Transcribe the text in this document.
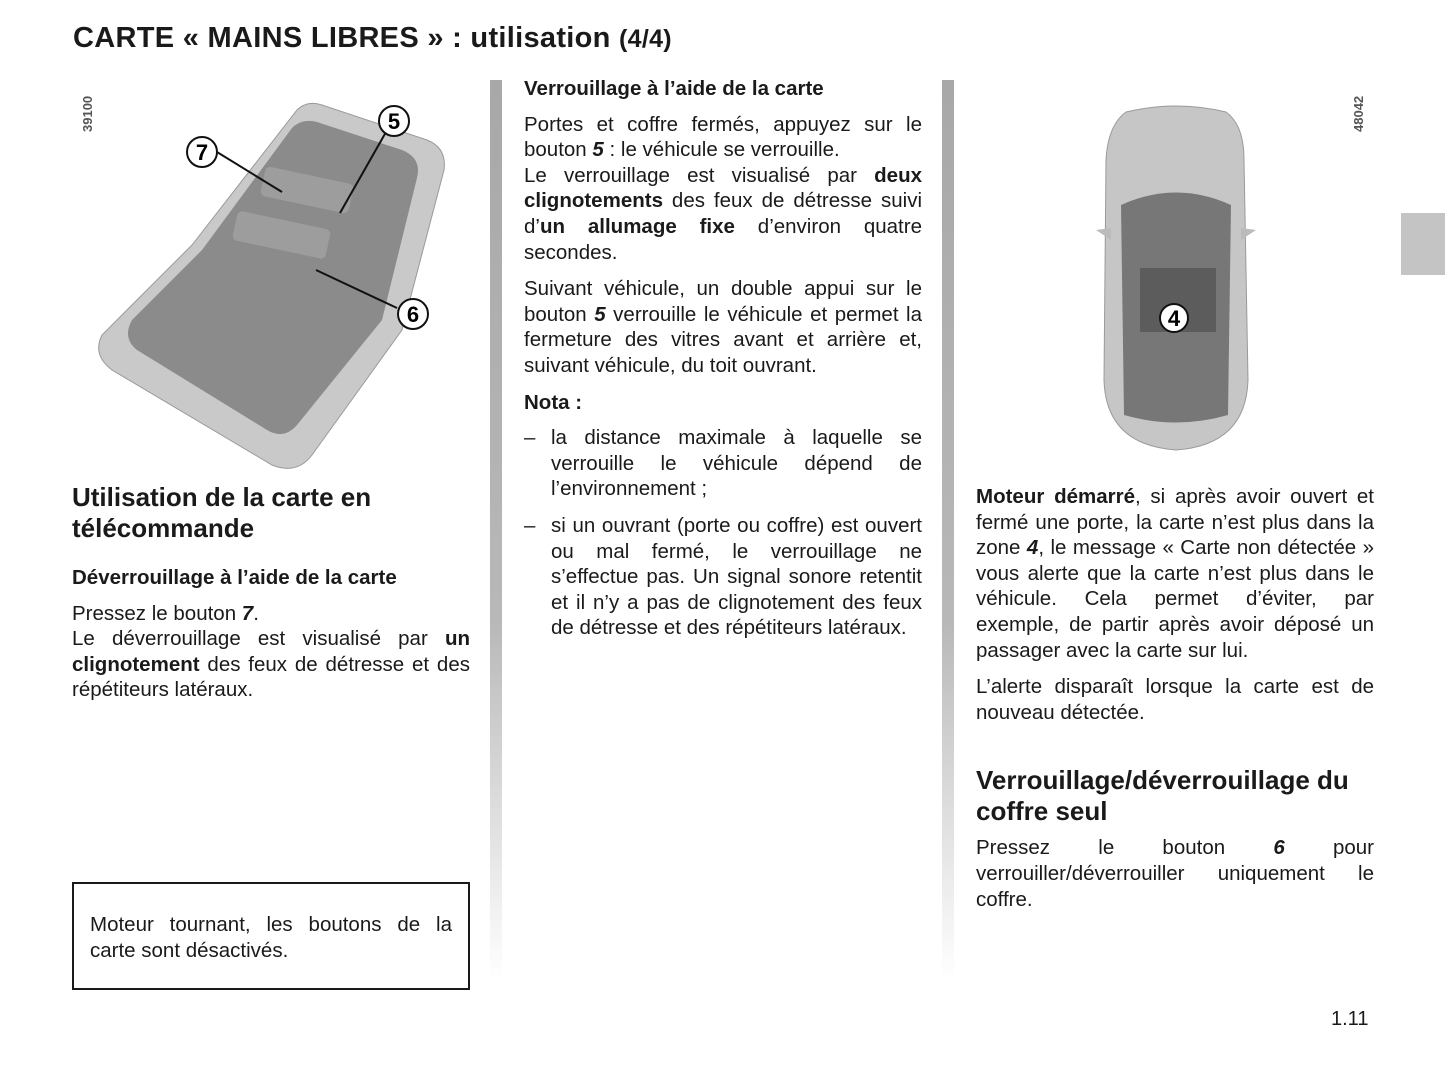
CARTE « MAINS LIBRES » : utilisation (4/4)
39100
7
5
6
Utilisation de la carte en télécommande
Déverrouillage à l’aide de la carte

Pressez le bouton 7.

Le déverrouillage est visualisé par un clignotement des feux de détresse et des répétiteurs latéraux.

Moteur tournant, les boutons de la carte sont désactivés.

Verrouillage à l’aide de la carte

Portes et coffre fermés, appuyez sur le bouton 5 : le véhicule se verrouille.

Le verrouillage est visualisé par deux clignotements des feux de détresse suivi d’un allumage fixe d’environ quatre secondes.

Suivant véhicule, un double appui sur le bouton 5 verrouille le véhicule et permet la fermeture des vitres avant et arrière et, suivant véhicule, du toit ouvrant.

Nota :
– la distance maximale à laquelle se verrouille le véhicule dépend de l’environnement ;
– si un ouvrant (porte ou coffre) est ouvert ou mal fermé, le verrouillage ne s’effectue pas. Un signal sonore retentit et il n’y a pas de clignotement des feux de détresse et des répétiteurs latéraux.
48042
4

Moteur démarré, si après avoir ouvert et fermé une porte, la carte n’est plus dans la zone 4, le message « Carte non détectée » vous alerte que la carte n’est plus dans le véhicule. Cela permet d’éviter, par exemple, de partir après avoir déposé un passager avec la carte sur lui.

L’alerte disparaît lorsque la carte est de nouveau détectée.

Verrouillage/déverrouillage du coffre seul

Pressez le bouton 6 pour verrouiller/déverrouiller uniquement le coffre.

1.11
